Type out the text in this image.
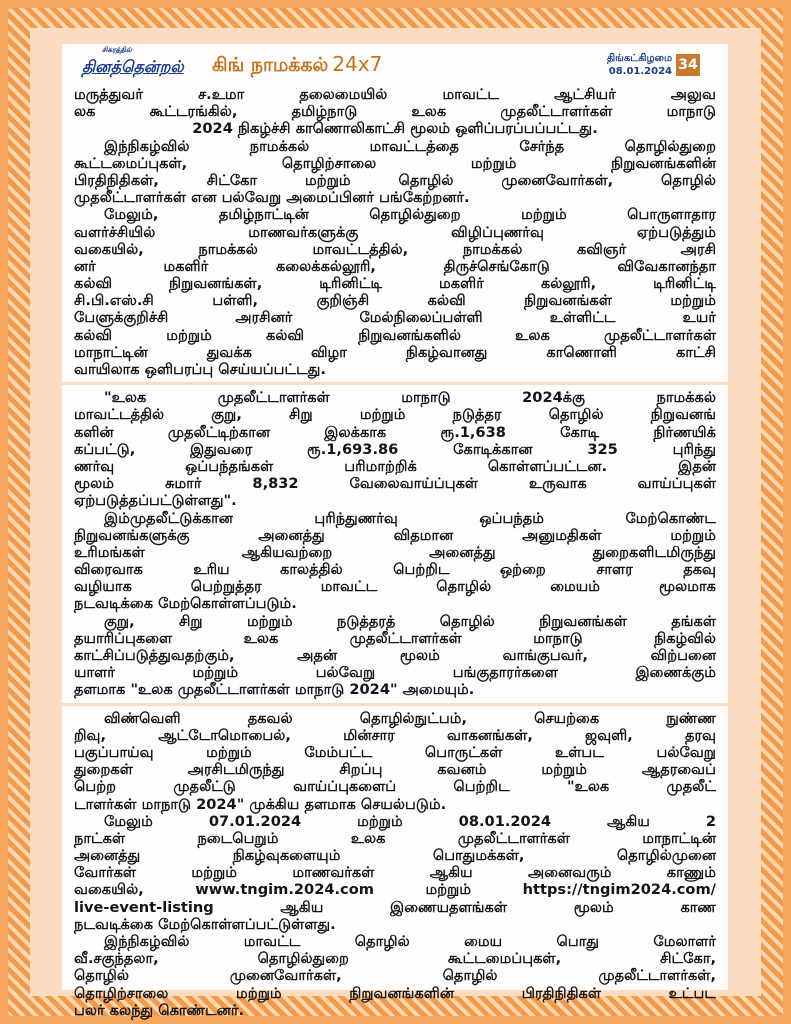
சிகரத்தில்
தினத்தென்றல் கிங் நாமக்கல் 24x7	திங்கட்கிழமை
08.01.2024 34
மருத்துவர் ச.உமா தலைமையில் மாவட்ட ஆட்சியர் அலுவ
லக கூட்டரங்கில், தமிழ்நாடு உலக முதலீட்டாளர்கள் மாநாடு
2024 நிகழ்ச்சி காணொலிகாட்சி மூலம் ஒளிப்பரப்பப்பட்டது.
இந்நிகழ்வில் நாமக்கல் மாவட்டத்தை சேர்ந்த தொழில்துறை
கூட்டமைப்புகள், தொழிற்சாலை மற்றும் நிறுவனங்களின்
பிரதிநிதிகள், சிட்கோ மற்றும் தொழில் முனைவோர்கள், தொழில்
முதலீட்டாளர்கள் என பல்வேறு அமைப்பினர் பங்கேற்றனர்.
மேலும், தமிழ்நாட்டின் தொழில்துறை மற்றும் பொருளாதார
வளர்ச்சியில் மாணவர்களுக்கு விழிப்புணர்வு ஏற்படுத்தும்
வகையில், நாமக்கல் மாவட்டத்தில், நாமக்கல் கவிஞர் அரசி
னர் மகளிர் கலைக்கல்லூரி, திருச்செங்கோடு விவேகானந்தா
கல்வி நிறுவனங்கள், டிரினிட்டி மகளிர் கல்லூரி, டிரினிட்டி
சி.பி.எஸ்.சி பள்ளி, குறிஞ்சி கல்வி நிறுவனங்கள் மற்றும்
பேளுக்குறிச்சி அரசினர் மேல்நிலைப்பள்ளி உள்ளிட்ட உயர்
கல்வி மற்றும் கல்வி நிறுவனங்களில் உலக முதலீட்டாளர்கள்
மாநாட்டின் துவக்க விழா நிகழ்வானது காணொளி காட்சி
வாயிலாக ஒளிபரப்பு செய்யப்பட்டது.
"உலக முதலீட்டாளர்கள் மாநாடு 2024க்கு நாமக்கல்
மாவட்டத்தில் குறு, சிறு மற்றும் நடுத்தர தொழில் நிறுவனங்
களின் முதலீட்டிற்கான இலக்காக ரூ.1,638 கோடி நிர்ணயிக்
கப்பட்டு, இதுவரை ரூ.1,693.86 கோடிக்கான 325 புரிந்து
ணர்வு ஒப்பந்தங்கள் பரிமாற்றிக் கொள்ளப்பட்டன. இதன்
மூலம் சுமார் 8,832 வேலைவாய்ப்புகள் உருவாக வாய்ப்புகள்
ஏற்படுத்தப்பட்டுள்ளது".
இம்முதலீட்டுக்கான புரிந்துணர்வு ஒப்பந்தம் மேற்கொண்ட
நிறுவனங்களுக்கு அனைத்து விதமான அனுமதிகள் மற்றும்
உரிமங்கள் ஆகியவற்றை அனைத்து துறைகளிடமிருந்து
விரைவாக உரிய காலத்தில் பெற்றிட ஒற்றை சாளர தகவு
வழியாக பெற்றுத்தர மாவட்ட தொழில் மையம் மூலமாக
நடவடிக்கை மேற்கொள்ளப்படும்.
குறு, சிறு மற்றும் நடுத்தரத் தொழில் நிறுவனங்கள் தங்கள்
தயாரிப்புகளை உலக முதலீட்டாளர்கள் மாநாடு நிகழ்வில்
காட்சிப்படுத்துவதற்கும், அதன் மூலம் வாங்குபவர், விற்பனை
யாளர் மற்றும் பல்வேறு பங்குதாரர்களை இணைக்கும்
தளமாக "உலக முதலீட்டாளர்கள் மாநாடு 2024" அமையும்.
விண்வெளி தகவல் தொழில்நுட்பம், செயற்கை நுண்ண
றிவு, ஆட்டோமொபைல், மின்சார வாகனங்கள், ஜவுளி, தரவு
பகுப்பாய்வு மற்றும் மேம்பட்ட பொருட்கள் உள்பட பல்வேறு
துறைகள் அரசிடமிருந்து சிறப்பு கவனம் மற்றும் ஆதரவைப்
பெற்ற முதலீட்டு வாய்ப்புகளைப் பெற்றிட "உலக முதலீட்
டாளர்கள் மாநாடு 2024" முக்கிய தளமாக செயல்படும்.
மேலும் 07.01.2024 மற்றும் 08.01.2024 ஆகிய 2
நாட்கள் நடைபெறும் உலக முதலீட்டாளர்கள் மாநாட்டின்
அனைத்து நிகழ்வுகளையும் பொதுமக்கள், தொழில்முனை
வோர்கள் மற்றும் மாணவர்கள் ஆகிய அனைவரும் காணும்
வகையில், www.tngim.2024.com மற்றும் https://tngim2024.com/
live-event-listing ஆகிய இணையதளங்கள் மூலம் காண
நடவடிக்கை மேற்கொள்ளப்பட்டுள்ளது.
இந்நிகழ்வில் மாவட்ட தொழில் மைய பொது மேலாளர்
வீ.சகுந்தலா, தொழில்துறை கூட்டமைப்புகள், சிட்கோ,
தொழில் முனைவோர்கள், தொழில் முதலீட்டாளர்கள்,
தொழிற்சாலை மற்றும் நிறுவனங்களின் பிரதிநிதிகள் உட்பட
பலர் கலந்து கொண்டனர்.
